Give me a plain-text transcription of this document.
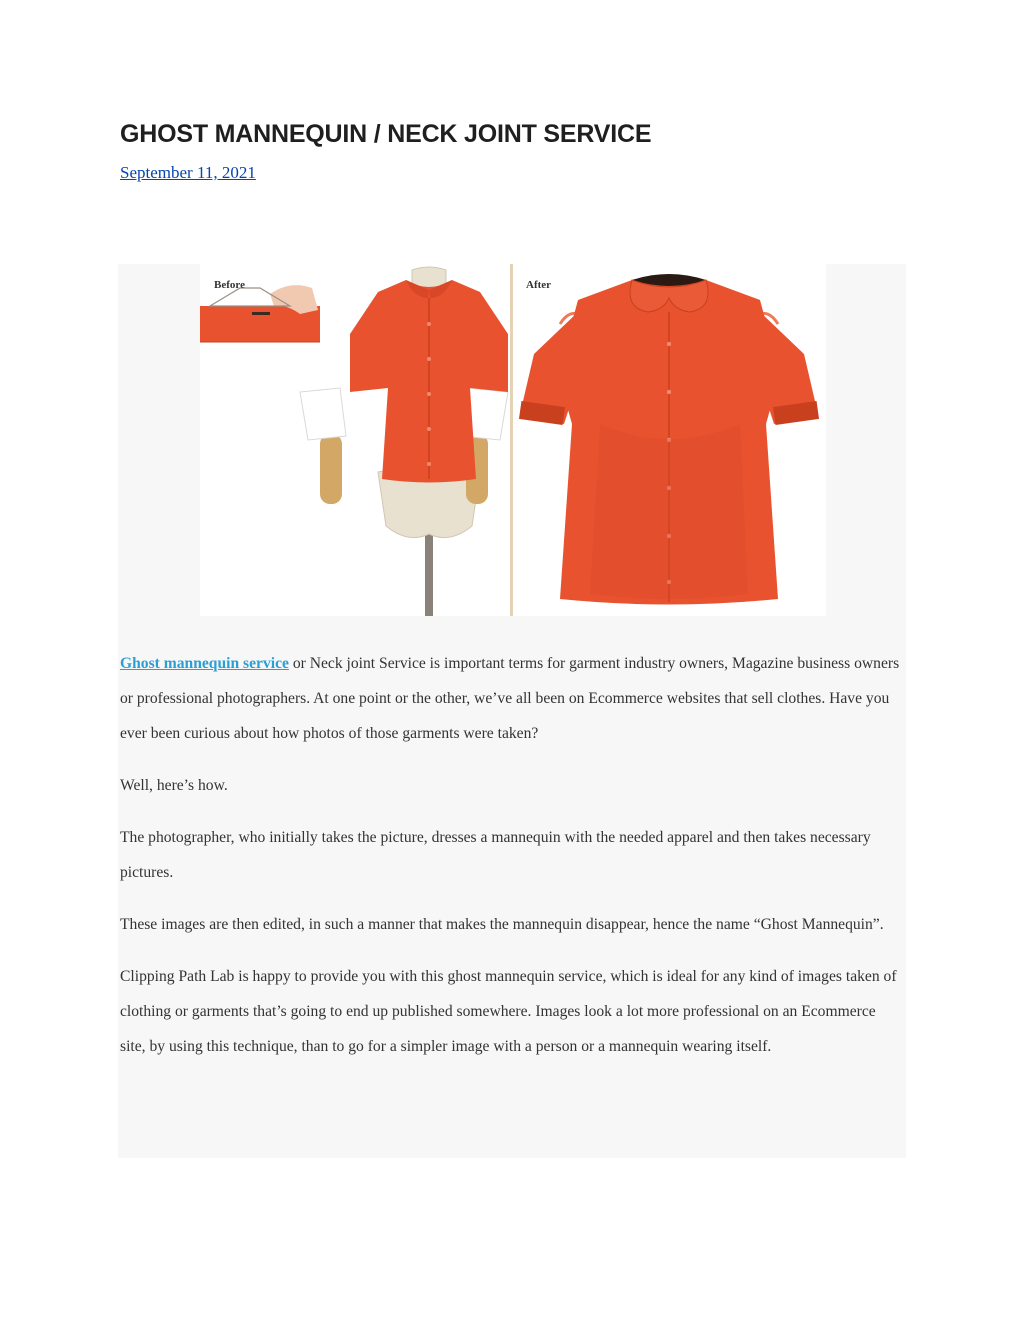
GHOST MANNEQUIN / NECK JOINT SERVICE
September 11, 2021
Before	After

Ghost mannequin service or Neck joint Service is important terms for garment industry owners, Magazine business owners or professional photographers. At one point or the other, we’ve all been on Ecommerce websites that sell clothes. Have you ever been curious about how photos of those garments were taken?

Well, here’s how.

The photographer, who initially takes the picture, dresses a mannequin with the needed apparel and then takes necessary pictures.

These images are then edited, in such a manner that makes the mannequin disappear, hence the name “Ghost Mannequin”.

Clipping Path Lab is happy to provide you with this ghost mannequin service, which is ideal for any kind of images taken of clothing or garments that’s going to end up published somewhere. Images look a lot more professional on an Ecommerce site, by using this technique, than to go for a simpler image with a person or a mannequin wearing itself.
